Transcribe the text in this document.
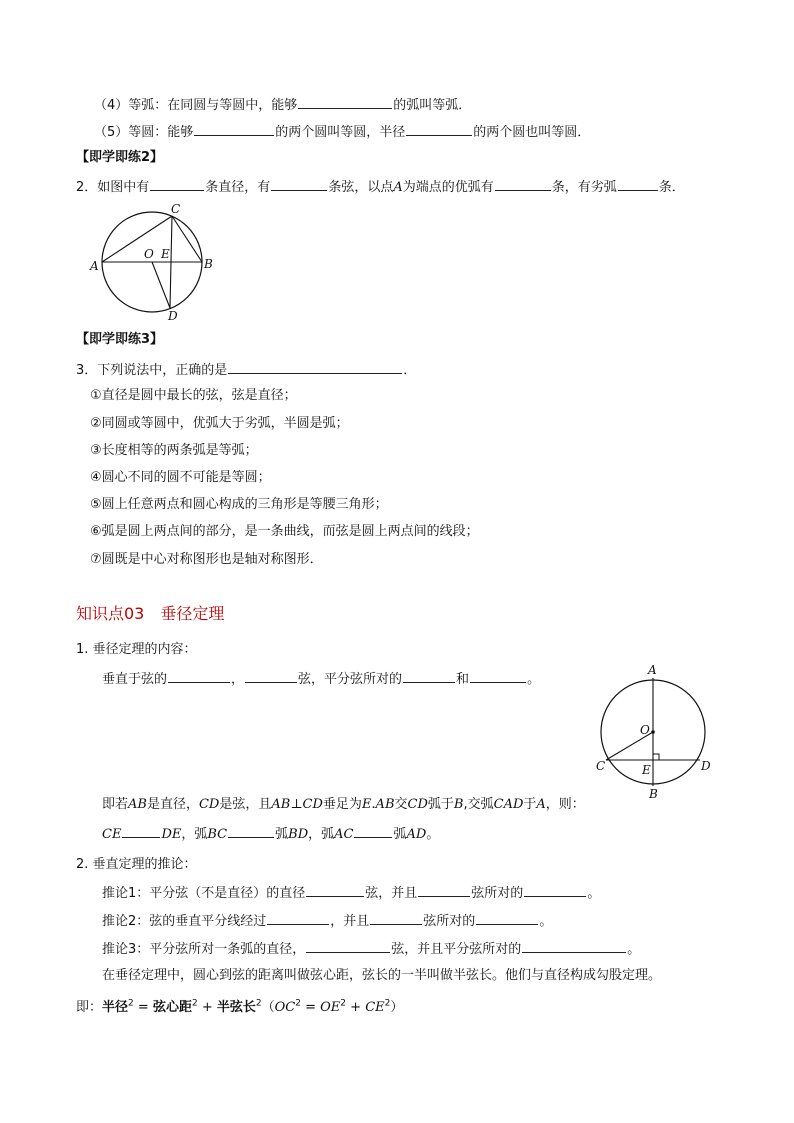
（4）等弧：在同圆与等圆中，能够	的弧叫等弧．
（5）等圆：能够	的两个圆叫等圆，半径	的两个圆也叫等圆．
【即学即练2】
2．如图中有	条直径，有	条弦，以点A为端点的优弧有	条，有劣弧	条．
C
A	B
D
O E
【即学即练3】
3．下列说法中，正确的是	．
①直径是圆中最长的弦，弦是直径；
②同圆或等圆中，优弧大于劣弧，半圆是弧；
③长度相等的两条弧是等弧；
④圆心不同的圆不可能是等圆；
⑤圆上任意两点和圆心构成的三角形是等腰三角形；
⑥弧是圆上两点间的部分，是一条曲线，而弦是圆上两点间的线段；
⑦圆既是中心对称图形也是轴对称图形．
知识点03　垂径定理
1. 垂径定理的内容：
垂直于弦的	，	弦，平分弦所对的	和	。
A
O
C	D
E
B
即若AB是直径，CD是弦，且AB⊥CD垂足为E.AB交CD弧于B,交弧CAD于A，则：
CE	DE，弧BC	弧BD，弧AC	弧AD。
2. 垂直定理的推论：
推论1：平分弦（不是直径）的直径	弦，并且	弦所对的	。
推论2：弦的垂直平分线经过	，并且	弦所对的	。
推论3：平分弦所对一条弧的直径，	弦，并且平分弦所对的	。
在垂径定理中，圆心到弦的距离叫做弦心距，弦长的一半叫做半弦长。他们与直径构成勾股定理。
即：半径$^2$ = 弦心距$^2$ + 半弦长$^2(OC^2 = OE^2 + CE^2)$
